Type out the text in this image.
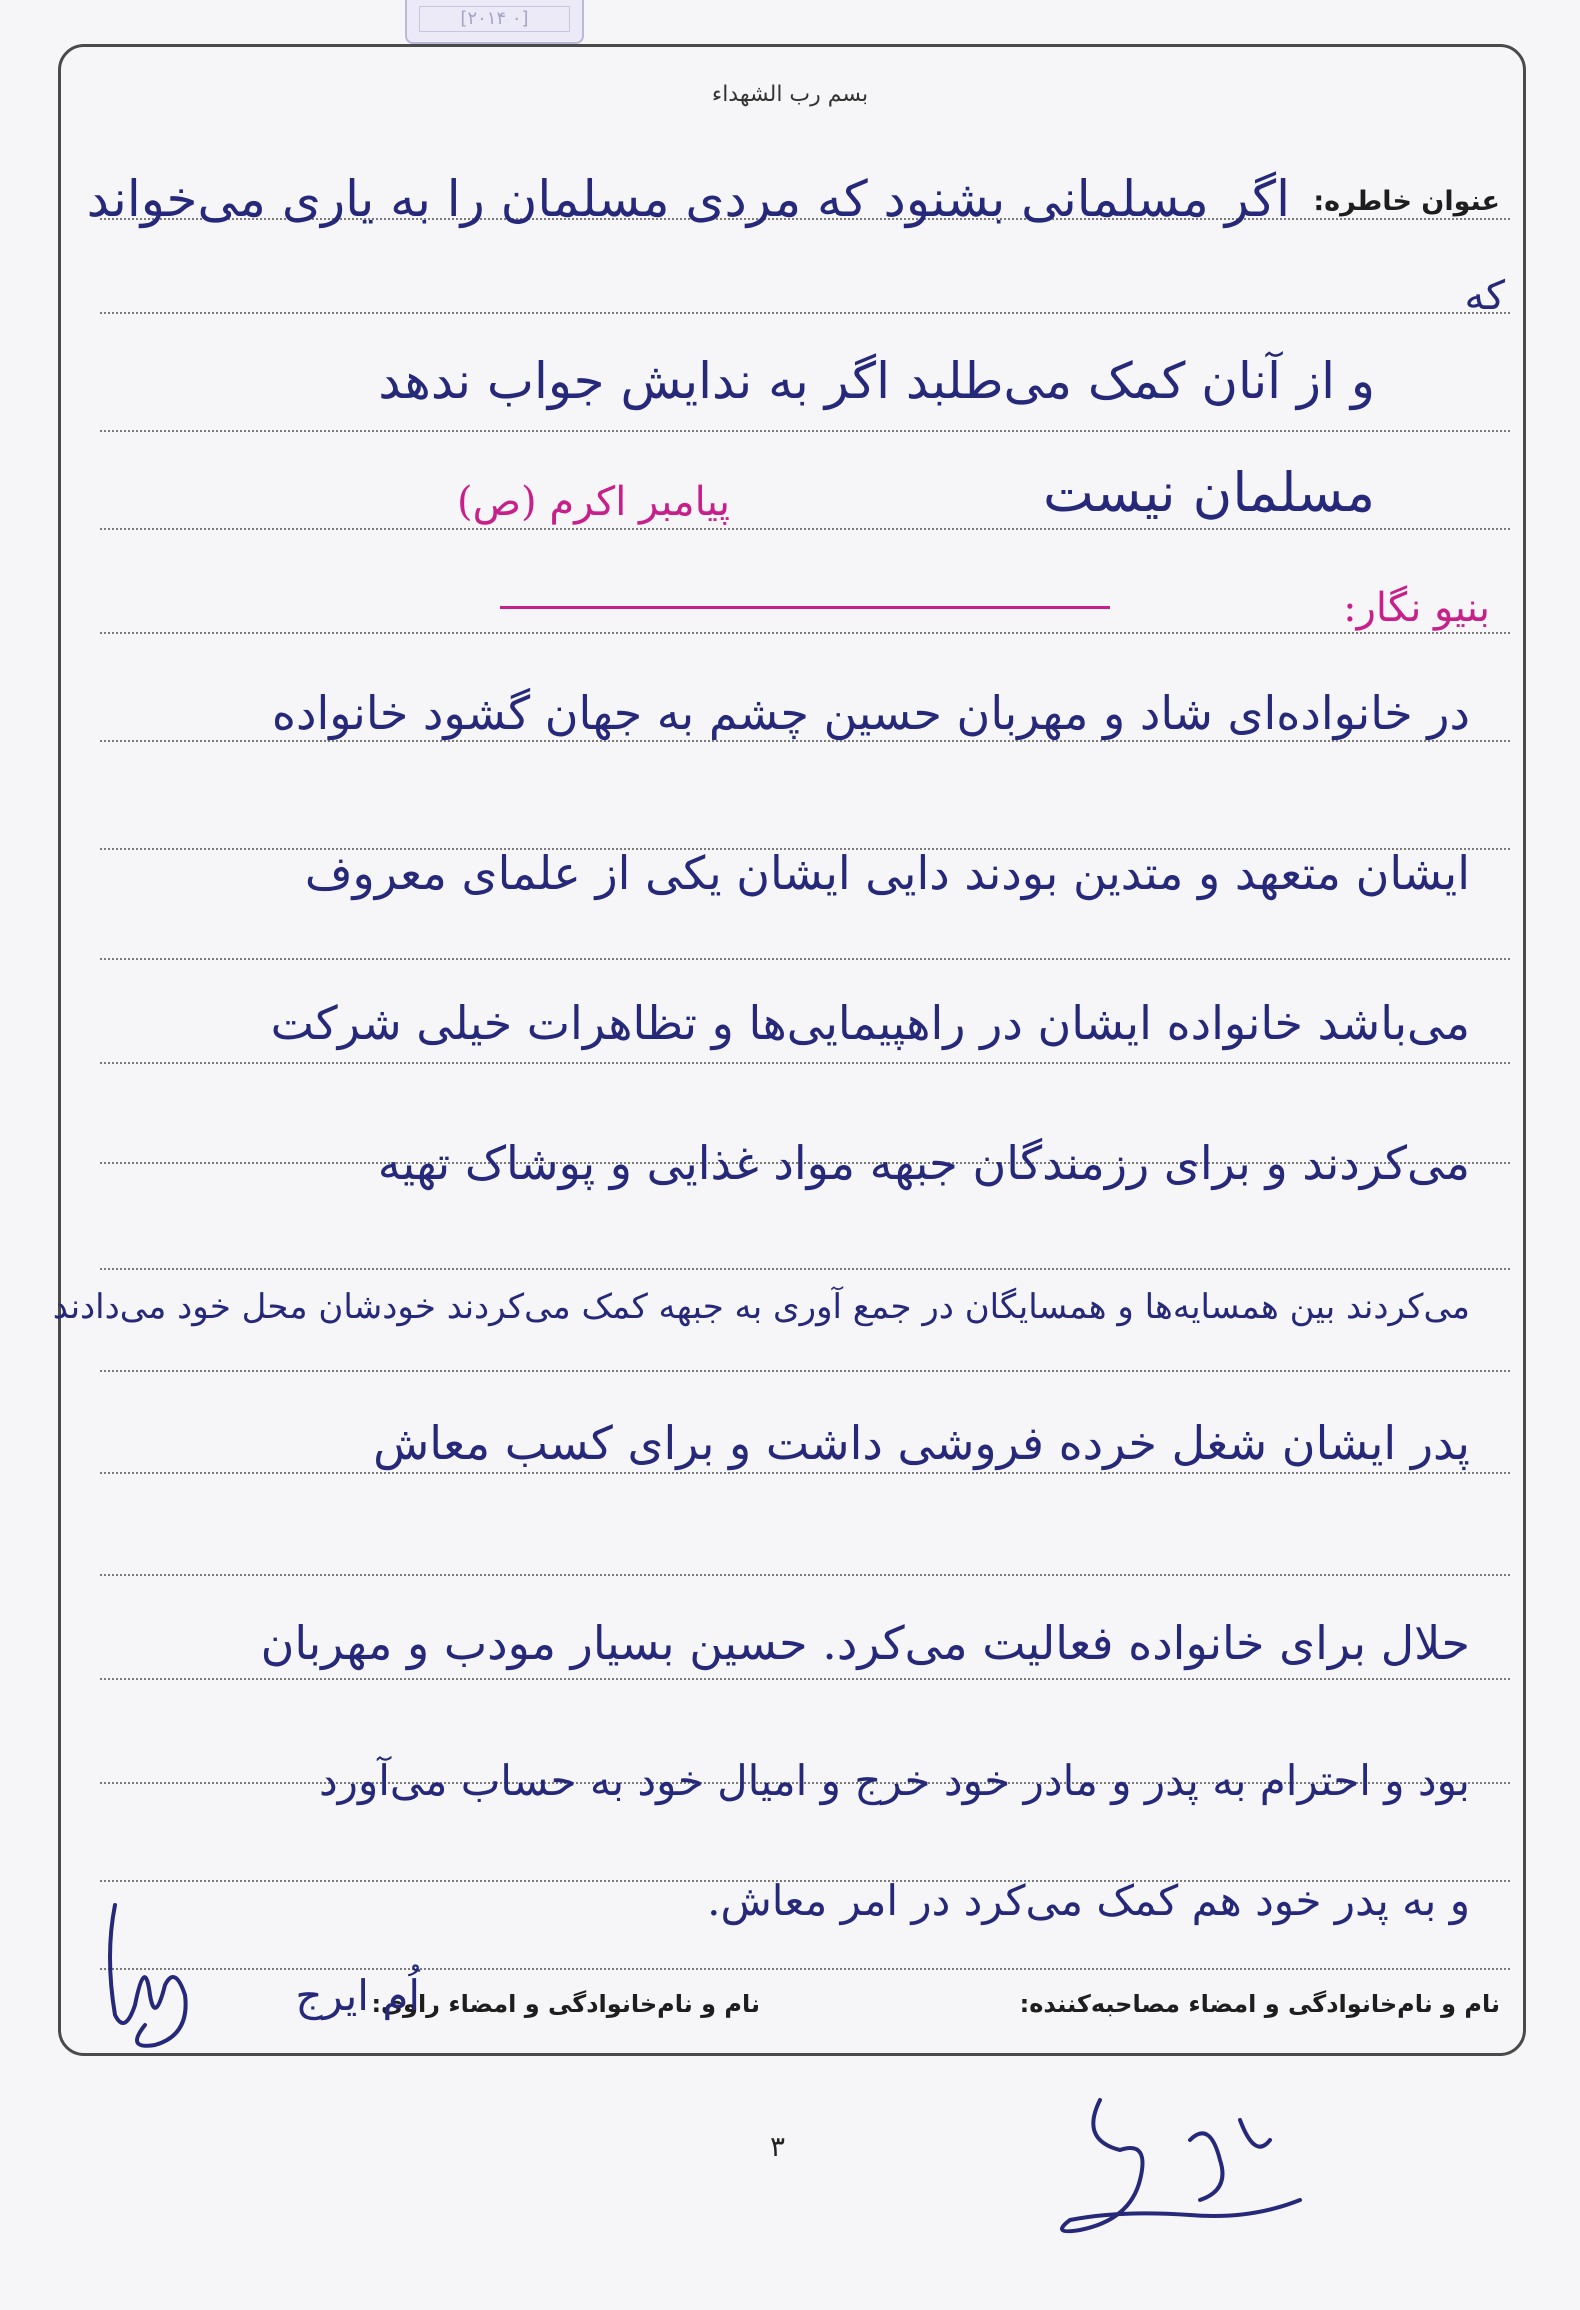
[۰ ۲۰۱۴]
بسم رب الشهداء
عنوان خاطره:
اگر مسلمانی بشنود که مردی مسلمان را به یاری می‌خواند
که
و از آنان کمک می‌طلبد اگر به ندایش جواب ندهد
مسلمان نیست
پیامبر اکرم (ص)
بنیو نگار:
در خانواده‌ای شاد و مهربان حسین چشم به جهان گشود خانواده
ایشان متعهد و متدین بودند دایی ایشان یکی از علمای معروف
می‌باشد خانواده ایشان در راهپیمایی‌ها و تظاهرات خیلی شرکت
می‌کردند و برای رزمندگان جبهه مواد غذایی و پوشاک تهیه
می‌کردند بین همسایه‌ها و همسایگان در جمع آوری به جبهه کمک می‌کردند خودشان محل خود می‌دادند
پدر ایشان شغل خرده فروشی داشت و برای کسب معاش
حلال برای خانواده فعالیت می‌کرد. حسین بسیار مودب و مهربان
بود و احترام به پدر و مادر خود خرج و امیال خود به حساب می‌آورد
و به پدر خود هم کمک می‌کرد در امر معاش.
نام و نام‌خانوادگی و امضاء مصاحبه‌کننده:
نام و نام‌خانوادگی و امضاء راوی:
اُم ایرج
۳
